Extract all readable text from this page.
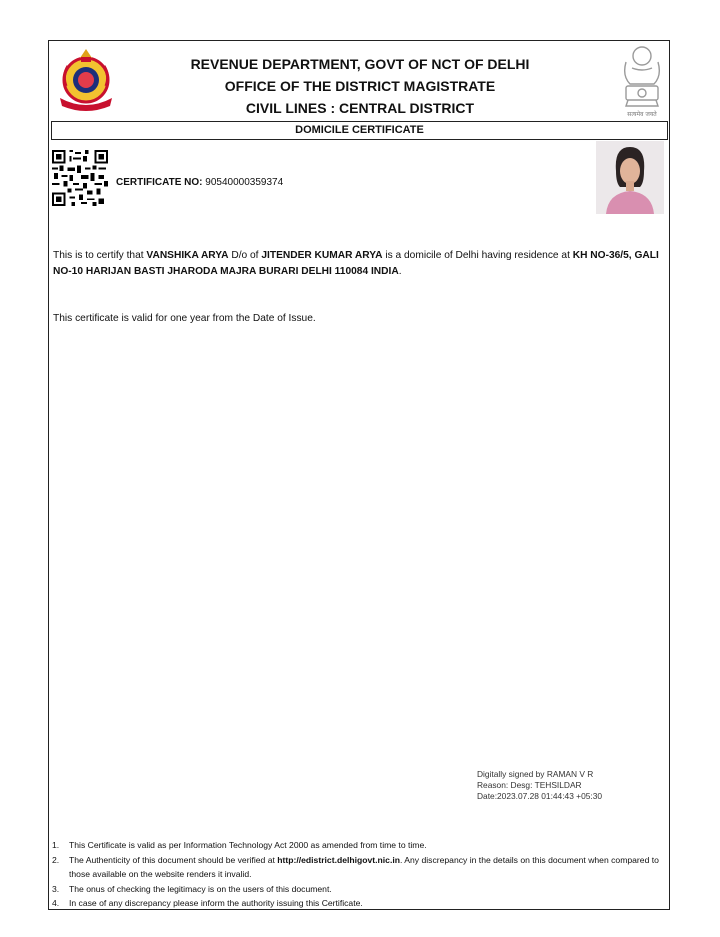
सत्यमेव जयते
REVENUE DEPARTMENT, GOVT OF NCT OF DELHI
OFFICE OF THE DISTRICT MAGISTRATE
CIVIL LINES : CENTRAL DISTRICT
DOMICILE CERTIFICATE
CERTIFICATE NO: 90540000359374
This is to certify that VANSHIKA ARYA D/o of JITENDER KUMAR ARYA is a domicile of Delhi having residence at KH NO-36/5, GALI NO-10 HARIJAN BASTI JHARODA MAJRA BURARI DELHI 110084 INDIA.
This certificate is valid for one year from the Date of Issue.
Digitally signed by RAMAN V R
Reason: Desg: TEHSILDAR
Date:2023.07.28 01:44:43 +05:30
1.	This Certificate is valid as per Information Technology Act 2000 as amended from time to time.
2.	The Authenticity of this document should be verified at http://edistrict.delhigovt.nic.in. Any discrepancy in the details on this document when compared to those available on the website renders it invalid.
3.	The onus of checking the legitimacy is on the users of this document.
4.	In case of any discrepancy please inform the authority issuing this Certificate.
